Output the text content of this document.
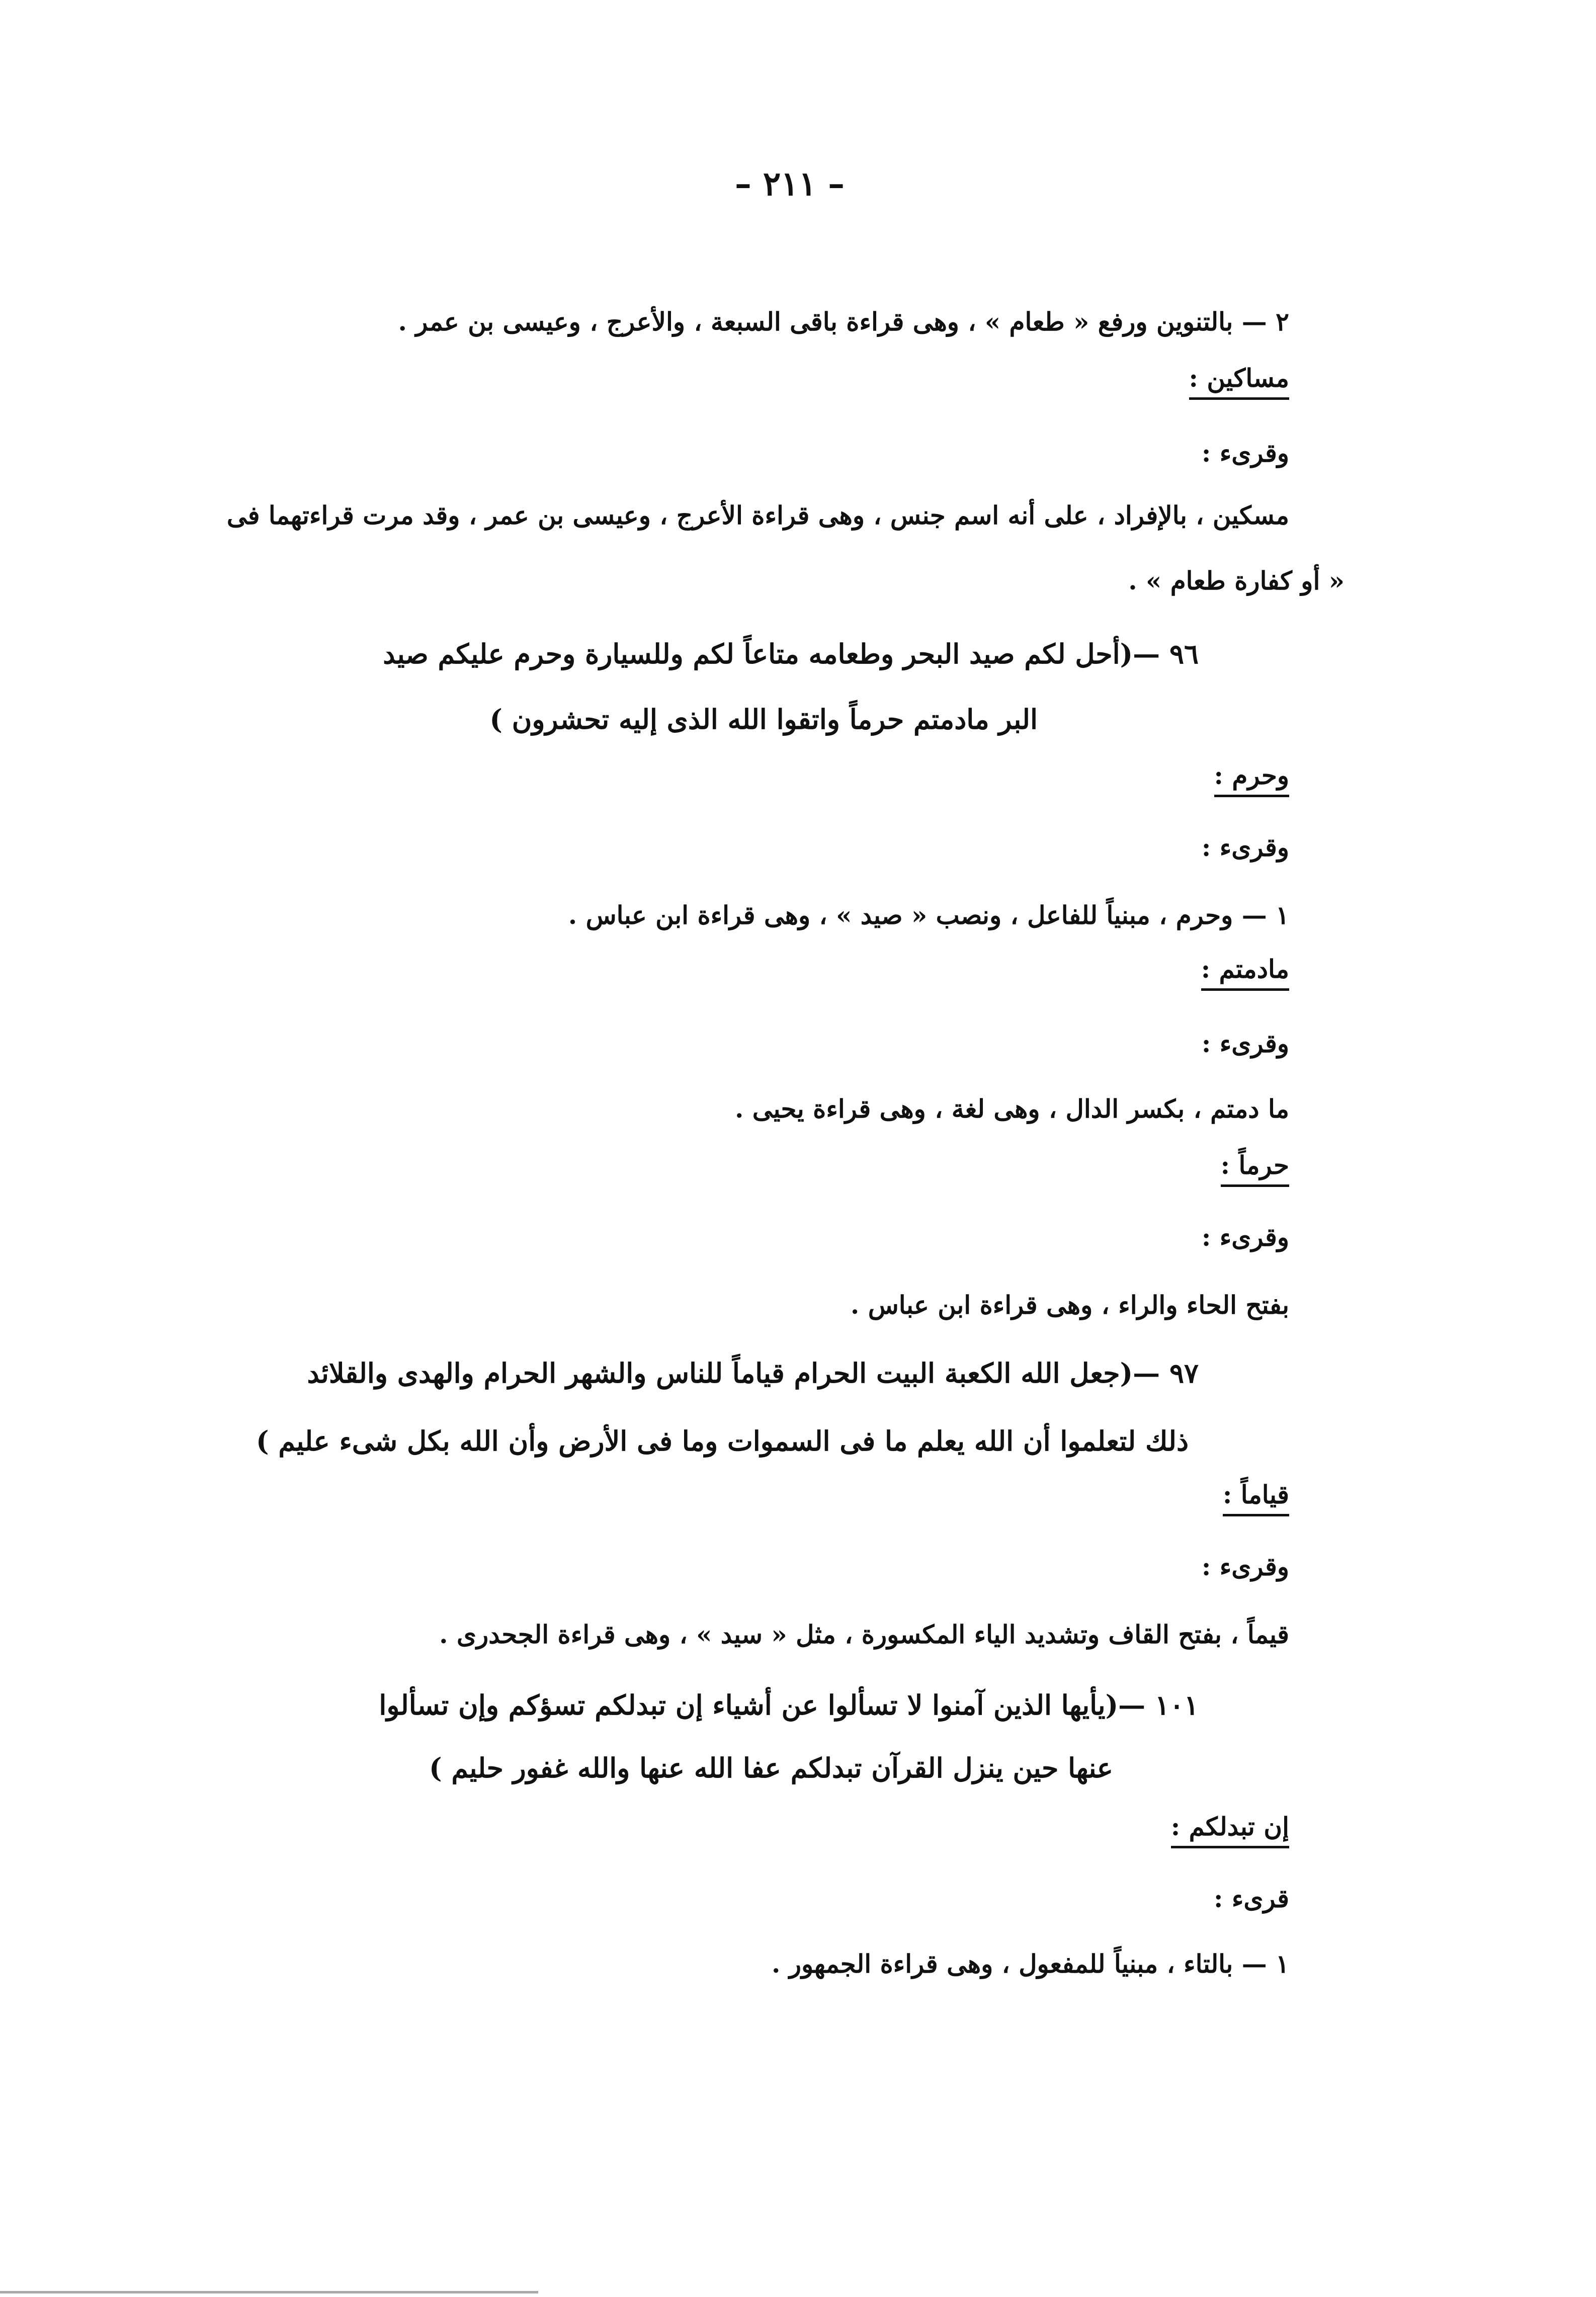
– ٢١١ –
٢ — بالتنوين ورفع « طعام » ، وهى قراءة باقى السبعة ، والأعرج ، وعيسى بن عمر .
مساكين :
وقرىء :
مسكين ، بالإفراد ، على أنه اسم جنس ، وهى قراءة الأعرج ، وعيسى بن عمر ، وقد مرت قراءتهما فى
« أو كفارة طعام » .
٩٦ —(أحل لكم صيد البحر وطعامه متاعاً لكم وللسيارة وحرم عليكم صيد
البر مادمتم حرماً واتقوا الله الذى إليه تحشرون )
وحرم :
وقرىء :
١ — وحرم ، مبنياً للفاعل ، ونصب « صيد » ، وهى قراءة ابن عباس .
مادمتم :
وقرىء :
ما دمتم ، بكسر الدال ، وهى لغة ، وهى قراءة يحيى .
حرماً :
وقرىء :
بفتح الحاء والراء ، وهى قراءة ابن عباس .
٩٧ —(جعل الله الكعبة البيت الحرام قياماً للناس والشهر الحرام والهدى والقلائد
ذلك لتعلموا أن الله يعلم ما فى السموات وما فى الأرض وأن الله بكل شىء عليم )
قياماً :
وقرىء :
قيماً ، بفتح القاف وتشديد الياء المكسورة ، مثل « سيد » ، وهى قراءة الجحدرى .
١٠١ —(يأيها الذين آمنوا لا تسألوا عن أشياء إن تبدلكم تسؤكم وإن تسألوا
عنها حين ينزل القرآن تبدلكم عفا الله عنها والله غفور حليم )
إن تبدلكم :
قرىء :
١ — بالتاء ، مبنياً للمفعول ، وهى قراءة الجمهور .
